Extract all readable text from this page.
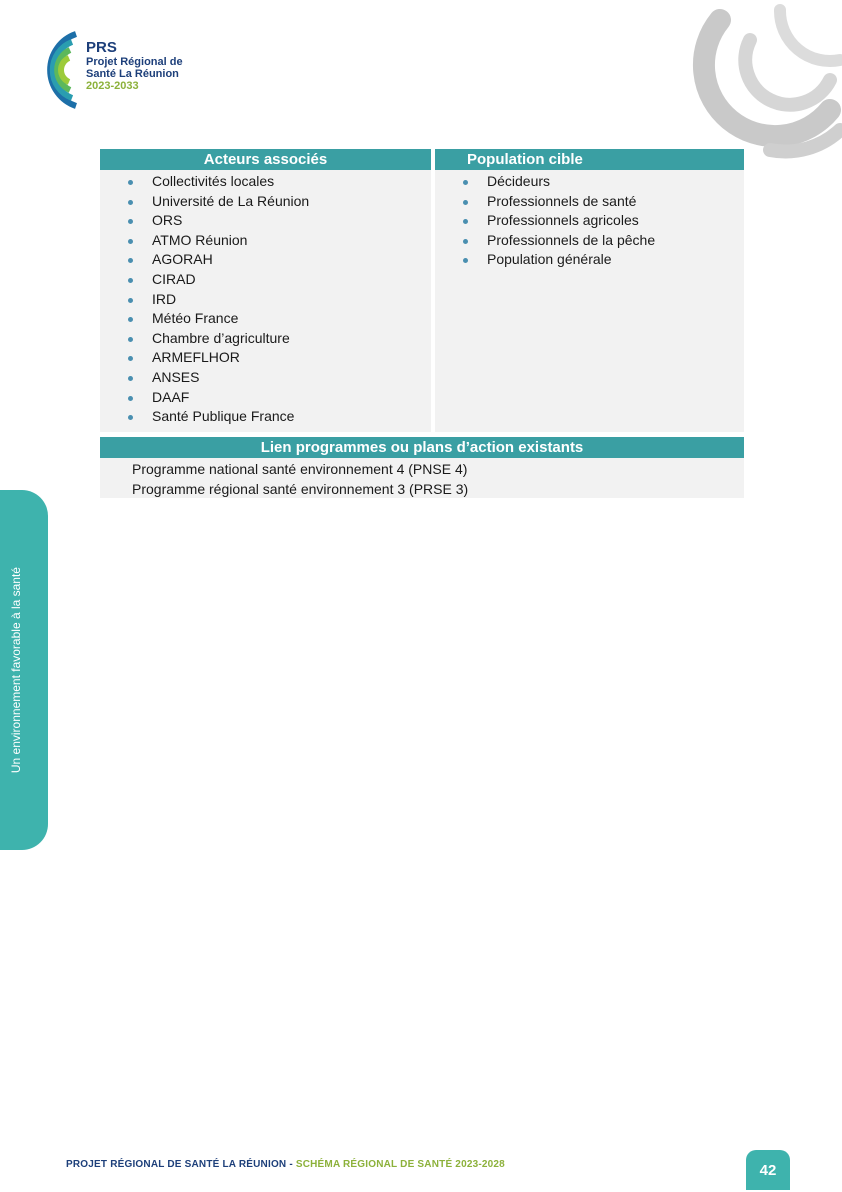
PRS
Projet Régional de
Santé La Réunion
2023-2033
Un environnement favorable à la santé
Acteurs associés
Collectivités locales
Université de La Réunion
ORS
ATMO Réunion
AGORAH
CIRAD
IRD
Météo France
Chambre d’agriculture
ARMEFLHOR
ANSES
DAAF
Santé Publique France
Population cible
Décideurs
Professionnels de santé
Professionnels agricoles
Professionnels de la pêche
Population générale
Lien programmes ou plans d’action existants
Programme national santé environnement 4 (PNSE 4)
Programme régional santé environnement 3 (PRSE 3)
PROJET RÉGIONAL DE SANTÉ LA RÉUNION - SCHÉMA RÉGIONAL DE SANTÉ 2023-2028	42
